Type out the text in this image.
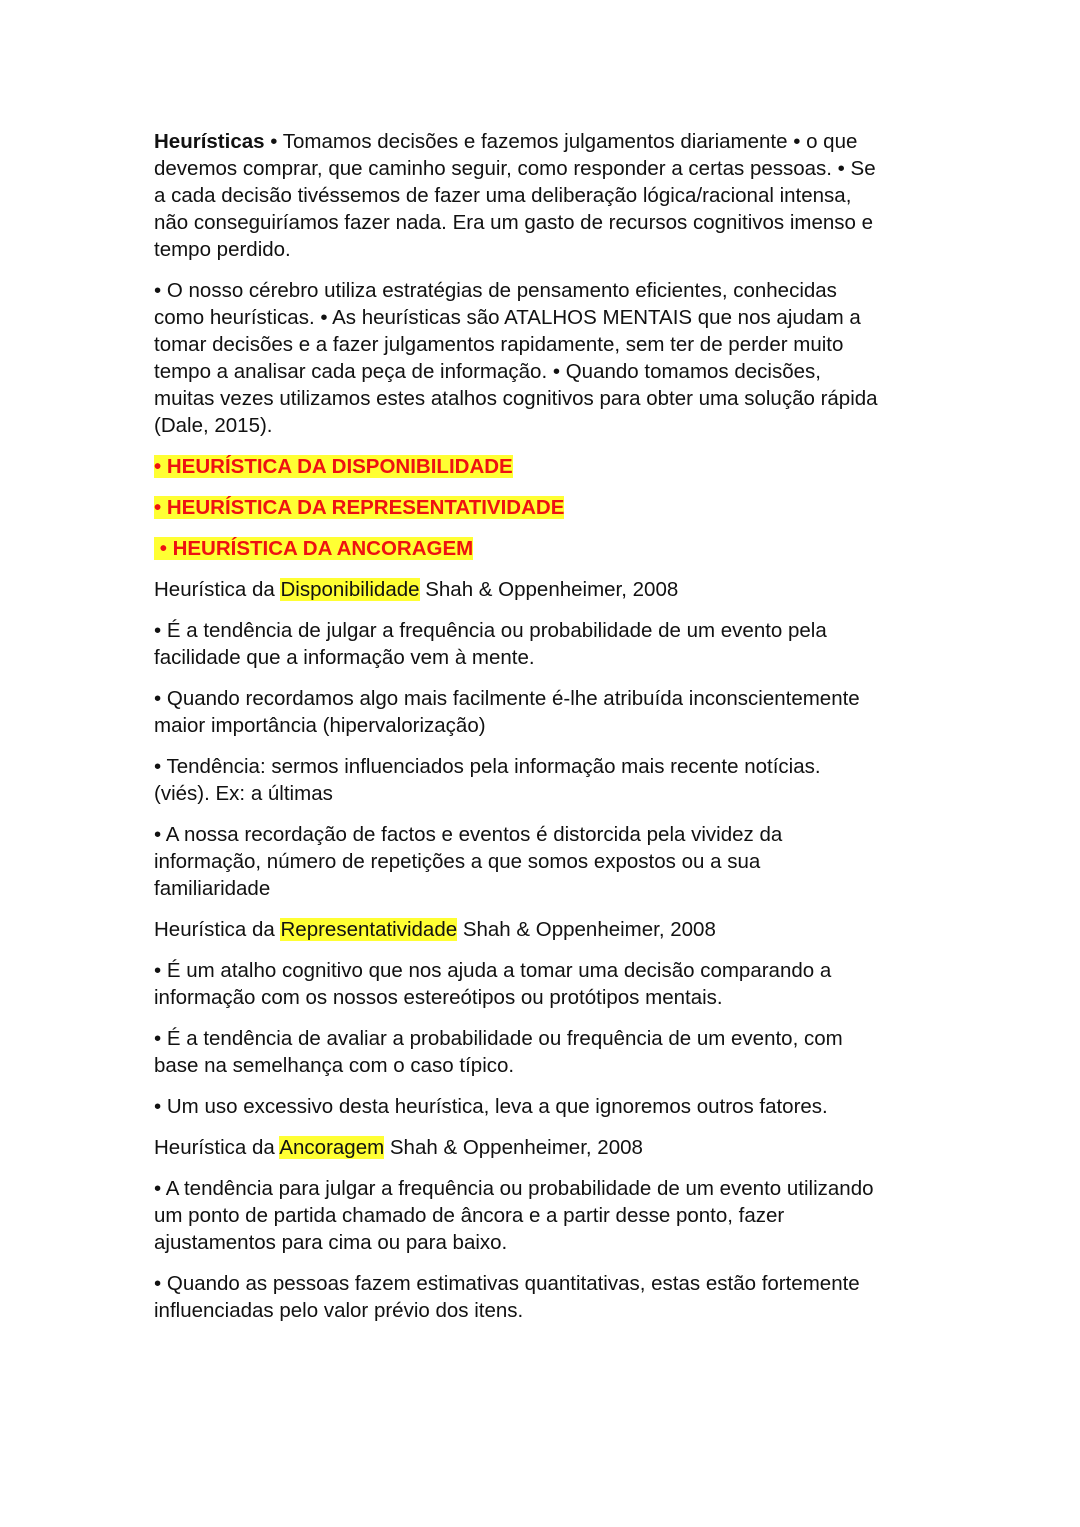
Heurísticas • Tomamos decisões e fazemos julgamentos diariamente • o que
devemos comprar, que caminho seguir, como responder a certas pessoas. • Se
a cada decisão tivéssemos de fazer uma deliberação lógica/racional intensa,
não conseguiríamos fazer nada. Era um gasto de recursos cognitivos imenso e
tempo perdido.
• O nosso cérebro utiliza estratégias de pensamento eficientes, conhecidas
como heurísticas. • As heurísticas são ATALHOS MENTAIS que nos ajudam a
tomar decisões e a fazer julgamentos rapidamente, sem ter de perder muito
tempo a analisar cada peça de informação. • Quando tomamos decisões,
muitas vezes utilizamos estes atalhos cognitivos para obter uma solução rápida
(Dale, 2015).
• HEURÍSTICA DA DISPONIBILIDADE
• HEURÍSTICA DA REPRESENTATIVIDADE
• HEURÍSTICA DA ANCORAGEM
Heurística da Disponibilidade Shah & Oppenheimer, 2008
• É a tendência de julgar a frequência ou probabilidade de um evento pela
facilidade que a informação vem à mente.
• Quando recordamos algo mais facilmente é-lhe atribuída inconscientemente
maior importância (hipervalorização)
• Tendência: sermos influenciados pela informação mais recente notícias.
(viés). Ex: a últimas
• A nossa recordação de factos e eventos é distorcida pela vividez da
informação, número de repetições a que somos expostos ou a sua
familiaridade
Heurística da Representatividade Shah & Oppenheimer, 2008
• É um atalho cognitivo que nos ajuda a tomar uma decisão comparando a
informação com os nossos estereótipos ou protótipos mentais.
• É a tendência de avaliar a probabilidade ou frequência de um evento, com
base na semelhança com o caso típico.
• Um uso excessivo desta heurística, leva a que ignoremos outros fatores.
Heurística da Ancoragem Shah & Oppenheimer, 2008
• A tendência para julgar a frequência ou probabilidade de um evento utilizando
um ponto de partida chamado de âncora e a partir desse ponto, fazer
ajustamentos para cima ou para baixo.
• Quando as pessoas fazem estimativas quantitativas, estas estão fortemente
influenciadas pelo valor prévio dos itens.
